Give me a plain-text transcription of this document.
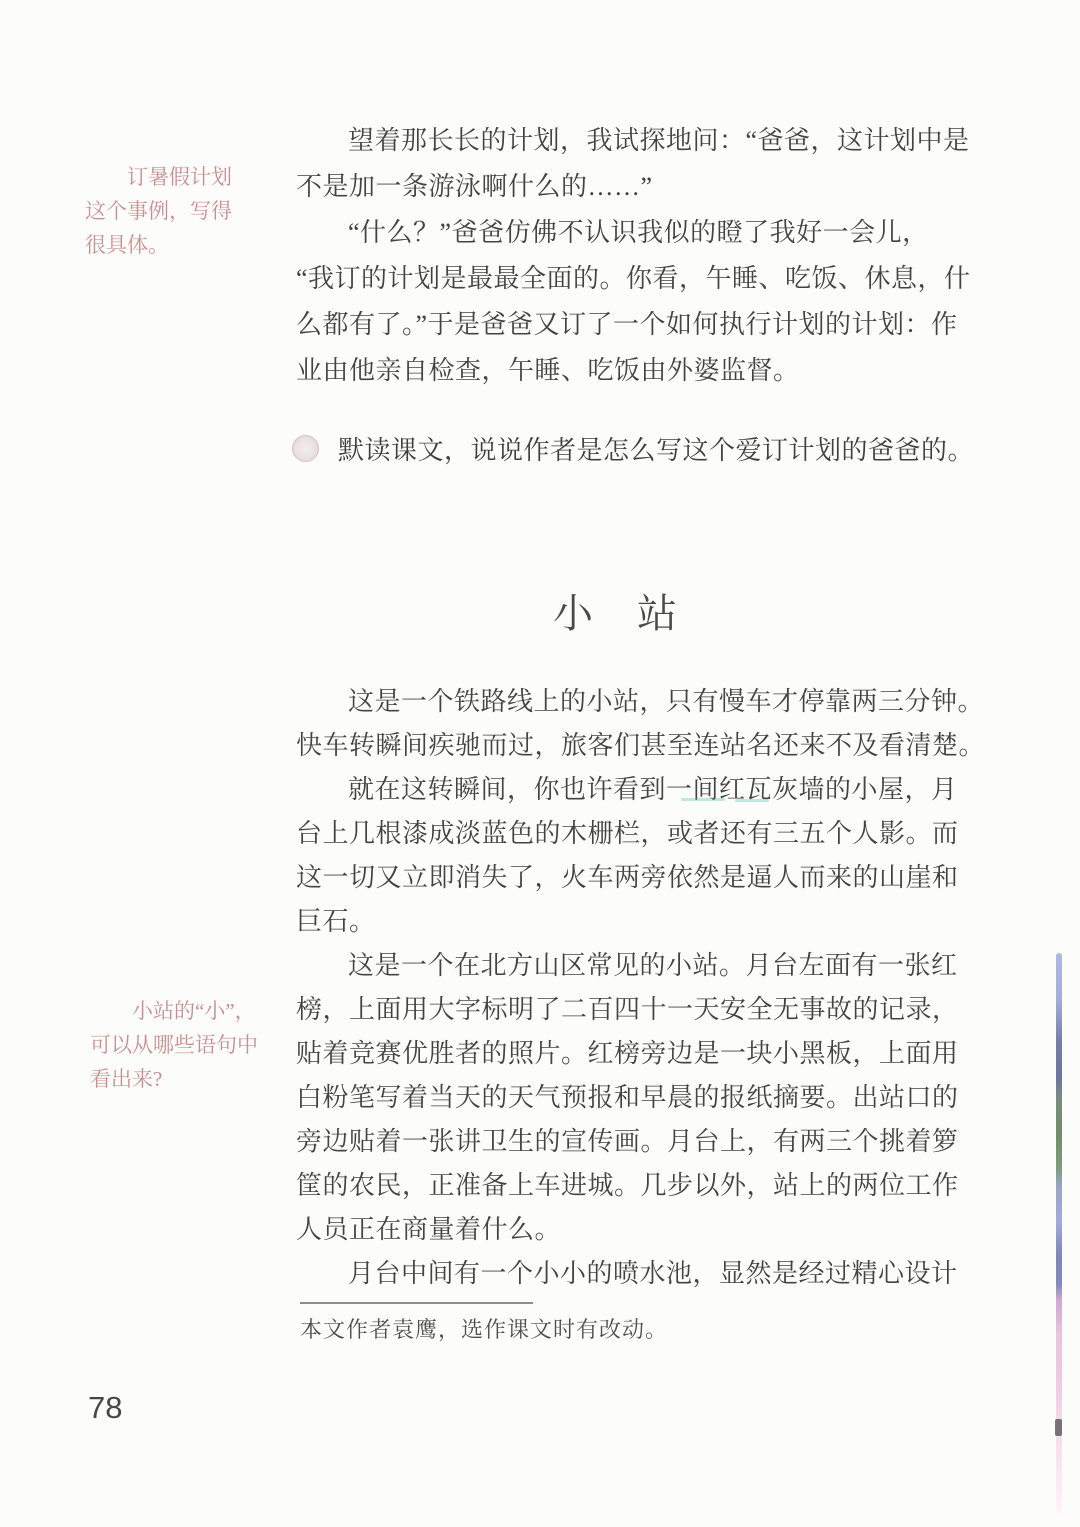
订暑假计划
这个事例，写得
很具体。
望着那长长的计划，我试探地问：“爸爸，这计划中是
不是加一条游泳啊什么的……”
“什么？”爸爸仿佛不认识我似的瞪了我好一会儿，
“我订的计划是最最全面的。你看，午睡、吃饭、休息，什
么都有了。”于是爸爸又订了一个如何执行计划的计划：作
业由他亲自检查，午睡、吃饭由外婆监督。
默读课文，说说作者是怎么写这个爱订计划的爸爸的。
小　站
小站的“小”，
可以从哪些语句中
看出来?
这是一个铁路线上的小站，只有慢车才停靠两三分钟。
快车转瞬间疾驰而过，旅客们甚至连站名还来不及看清楚。
就在这转瞬间，你也许看到一间红瓦灰墙的小屋，月
台上几根漆成淡蓝色的木栅栏，或者还有三五个人影。而
这一切又立即消失了，火车两旁依然是逼人而来的山崖和
巨石。
这是一个在北方山区常见的小站。月台左面有一张红
榜，上面用大字标明了二百四十一天安全无事故的记录，
贴着竞赛优胜者的照片。红榜旁边是一块小黑板，上面用
白粉笔写着当天的天气预报和早晨的报纸摘要。出站口的
旁边贴着一张讲卫生的宣传画。月台上，有两三个挑着箩
筐的农民，正准备上车进城。几步以外，站上的两位工作
人员正在商量着什么。
月台中间有一个小小的喷水池，显然是经过精心设计
本文作者袁鹰，选作课文时有改动。
78
